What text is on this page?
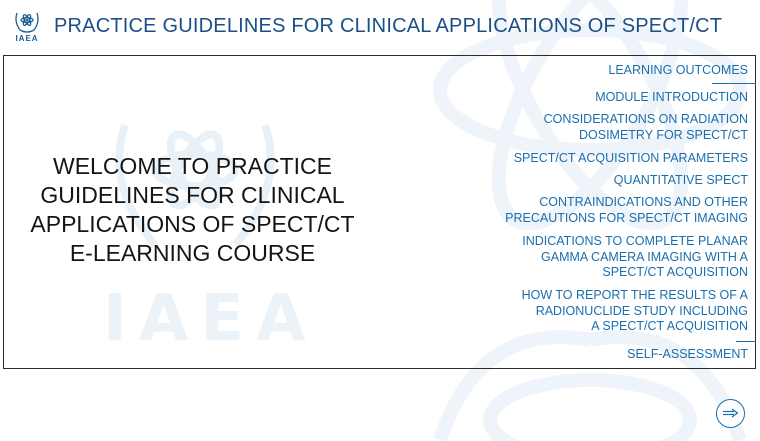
IAEA
IAEA
PRACTICE GUIDELINES FOR CLINICAL APPLICATIONS OF SPECT/CT
WELCOME TO PRACTICE
GUIDELINES FOR CLINICAL
APPLICATIONS OF SPECT/CT
E-LEARNING COURSE
LEARNING OUTCOMES
MODULE INTRODUCTION
CONSIDERATIONS ON RADIATION
DOSIMETRY FOR SPECT/CT
SPECT/CT ACQUISITION PARAMETERS
QUANTITATIVE SPECT
CONTRAINDICATIONS AND OTHER
PRECAUTIONS FOR SPECT/CT IMAGING
INDICATIONS TO COMPLETE PLANAR
GAMMA CAMERA IMAGING WITH A
SPECT/CT ACQUISITION
HOW TO REPORT THE RESULTS OF A
RADIONUCLIDE STUDY INCLUDING
A SPECT/CT ACQUISITION
SELF-ASSESSMENT
